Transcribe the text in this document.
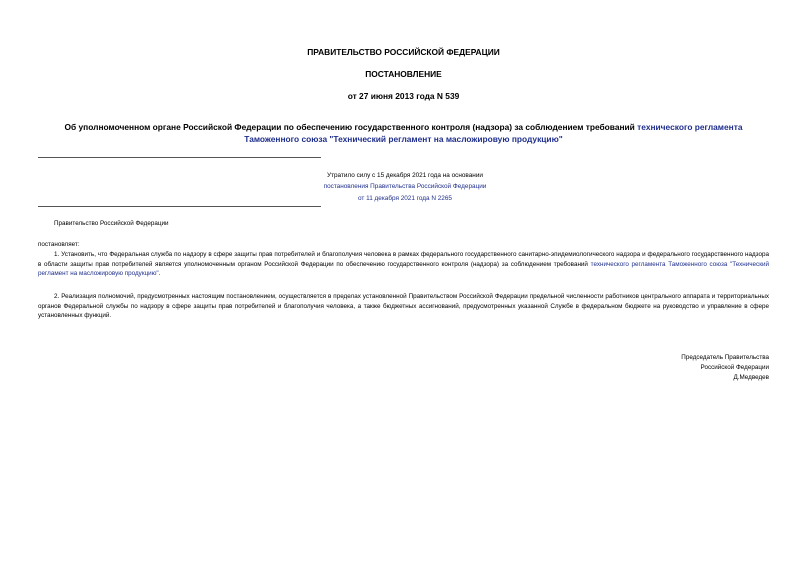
ПРАВИТЕЛЬСТВО РОССИЙСКОЙ ФЕДЕРАЦИИ
ПОСТАНОВЛЕНИЕ
от 27 июня 2013 года N 539
Об уполномоченном органе Российской Федерации по обеспечению государственного контроля (надзора) за соблюдением требований технического регламента Таможенного союза "Технический регламент на масложировую продукцию"
Утратило силу с 15 декабря 2021 года на основании
постановления Правительства Российской Федерации
от 11 декабря 2021 года N 2265
Правительство Российской Федерации
постановляет:
1. Установить, что Федеральная служба по надзору в сфере защиты прав потребителей и благополучия человека в рамках федерального государственного санитарно-эпидемиологического надзора и федерального государственного надзора в области защиты прав потребителей является уполномоченным органом Российской Федерации по обеспечению государственного контроля (надзора) за соблюдением требований технического регламента Таможенного союза "Технический регламент на масложировую продукцию".
2. Реализация полномочий, предусмотренных настоящим постановлением, осуществляется в пределах установленной Правительством Российской Федерации предельной численности работников центрального аппарата и территориальных органов Федеральной службы по надзору в сфере защиты прав потребителей и благополучия человека, а также бюджетных ассигнований, предусмотренных указанной Службе в федеральном бюджете на руководство и управление в сфере установленных функций.
Председатель Правительства
Российской Федерации
Д.Медведев
